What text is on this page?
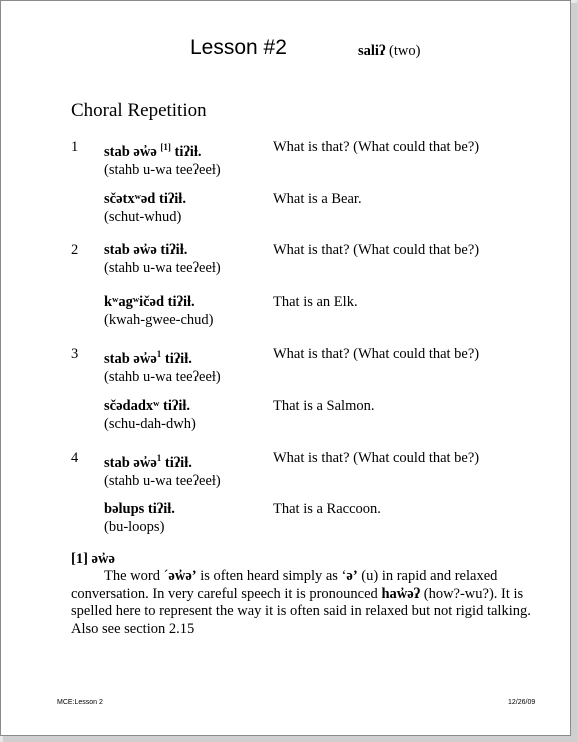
Lesson #2	saliʔ (two)
Choral Repetition
1 stab əw̓ə [1] tiʔiƚ.
(stahb u-wa teeʔeeƚ)
What is that? (What could that be?)
sčətxʷəd tiʔiƚ.
(schut-whud)
What is a Bear.
2 stab əw̓ə tiʔiƚ.
(stahb u-wa teeʔeeƚ)
What is that? (What could that be?)
kʷagʷičəd tiʔiƚ.
(kwah-gwee-chud)
That is an Elk.
3 stab əw̓ə$^1$ tiʔiƚ.
(stahb u-wa teeʔeeƚ)
What is that? (What could that be?)
sčədadxʷ tiʔiƚ.
(schu-dah-dwh)
That is a Salmon.
4 stab əw̓ə$^1$ tiʔiƚ.
(stahb u-wa teeʔeeƚ)
What is that? (What could that be?)
bəlups tiʔiƚ.
(bu-loops)
That is a Raccoon.
[1] əw̓ə
The word ˊəw̓ə’ is often heard simply as ‘ə’ (u) in rapid and relaxed conversation. In very careful speech it is pronounced haw̓əʔ (how?-wu?). It is spelled here to represent the way it is often said in relaxed but not rigid talking. Also see section 2.15
MCE:Lesson 2	12/26/09
